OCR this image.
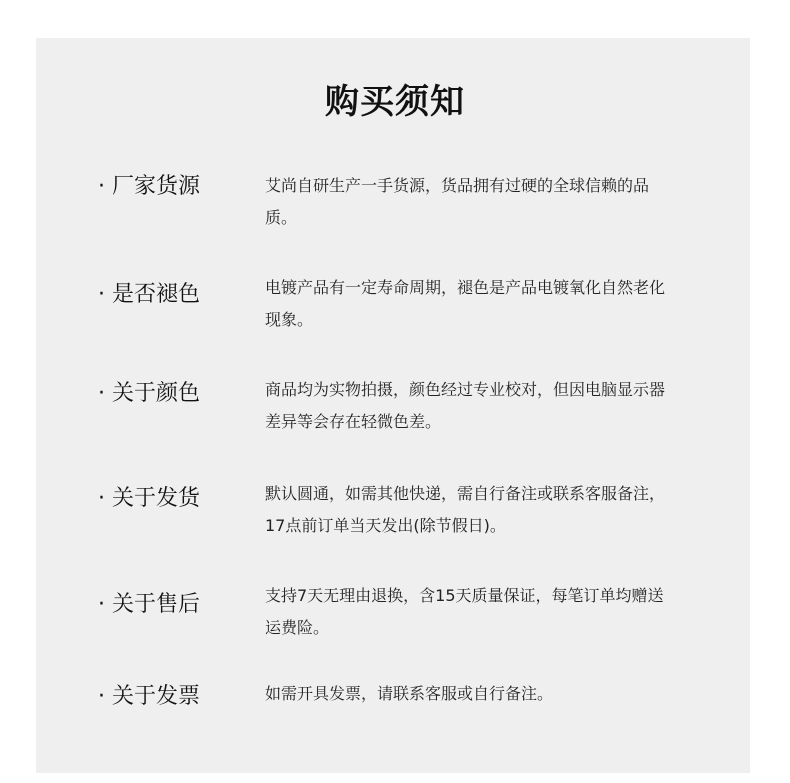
购买须知
· 厂家货源	艾尚自研生产一手货源，货品拥有过硬的全球信赖的品质。
· 是否褪色	电镀产品有一定寿命周期，褪色是产品电镀氧化自然老化现象。
· 关于颜色	商品均为实物拍摄，颜色经过专业校对，但因电脑显示器差异等会存在轻微色差。
· 关于发货	默认圆通，如需其他快递，需自行备注或联系客服备注，17点前订单当天发出(除节假日)。
· 关于售后	支持7天无理由退换，含15天质量保证，每笔订单均赠送运费险。
· 关于发票	如需开具发票，请联系客服或自行备注。
